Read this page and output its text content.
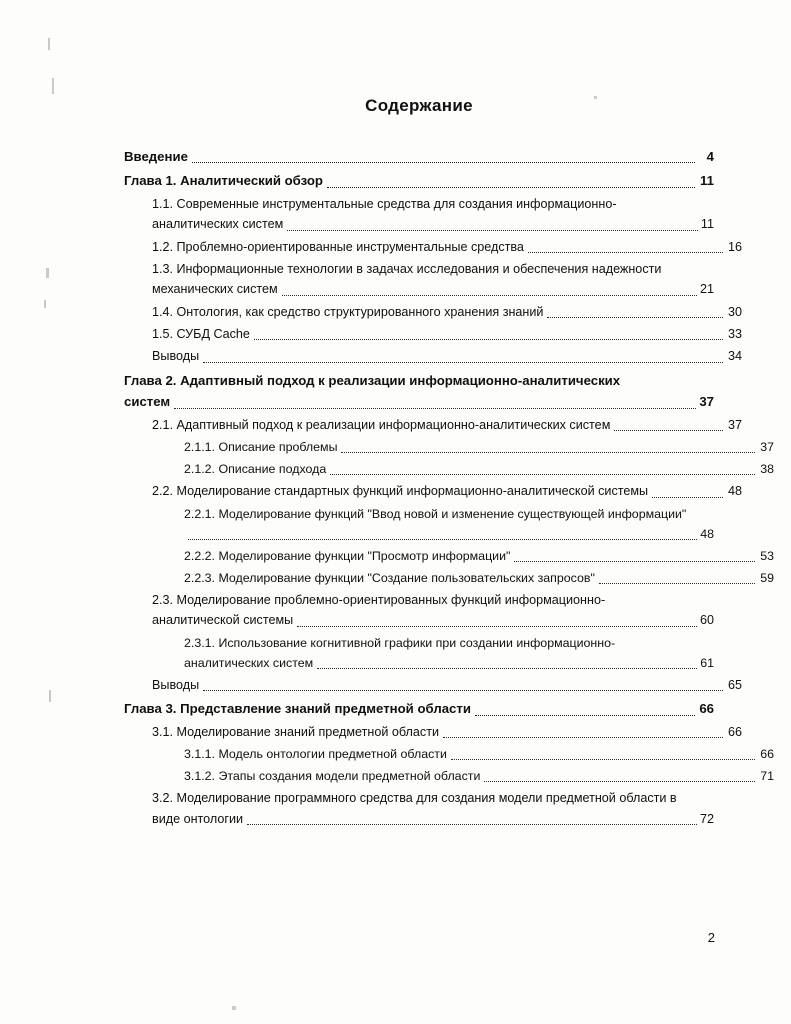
Содержание
Введение	4
Глава 1. Аналитический обзор	11
1.1. Современные инструментальные средства для создания информационно-
аналитических систем	11
1.2. Проблемно-ориентированные инструментальные средства	16
1.3. Информационные технологии в задачах исследования и обеспечения надежности
механических систем	21
1.4. Онтология, как средство структурированного хранения знаний	30
1.5. СУБД Cache	33
Выводы	34
Глава 2. Адаптивный подход к реализации информационно-аналитических
систем	37
2.1. Адаптивный подход к реализации информационно-аналитических систем	37
2.1.1. Описание проблемы	37
2.1.2. Описание подхода	38
2.2. Моделирование стандартных функций информационно-аналитической системы	48
2.2.1. Моделирование функций "Ввод новой и изменение существующей информации"
48
2.2.2. Моделирование функции "Просмотр информации"	53
2.2.3. Моделирование функции "Создание пользовательских запросов"	59
2.3. Моделирование проблемно-ориентированных функций информационно-
аналитической системы	60
2.3.1. Использование когнитивной графики при создании информационно-
аналитических систем	61
Выводы	65
Глава 3. Представление знаний предметной области	66
3.1. Моделирование знаний предметной области	66
3.1.1. Модель онтологии предметной области	66
3.1.2. Этапы создания модели предметной области	71
3.2. Моделирование программного средства для создания модели предметной области в
виде онтологии	72
2
